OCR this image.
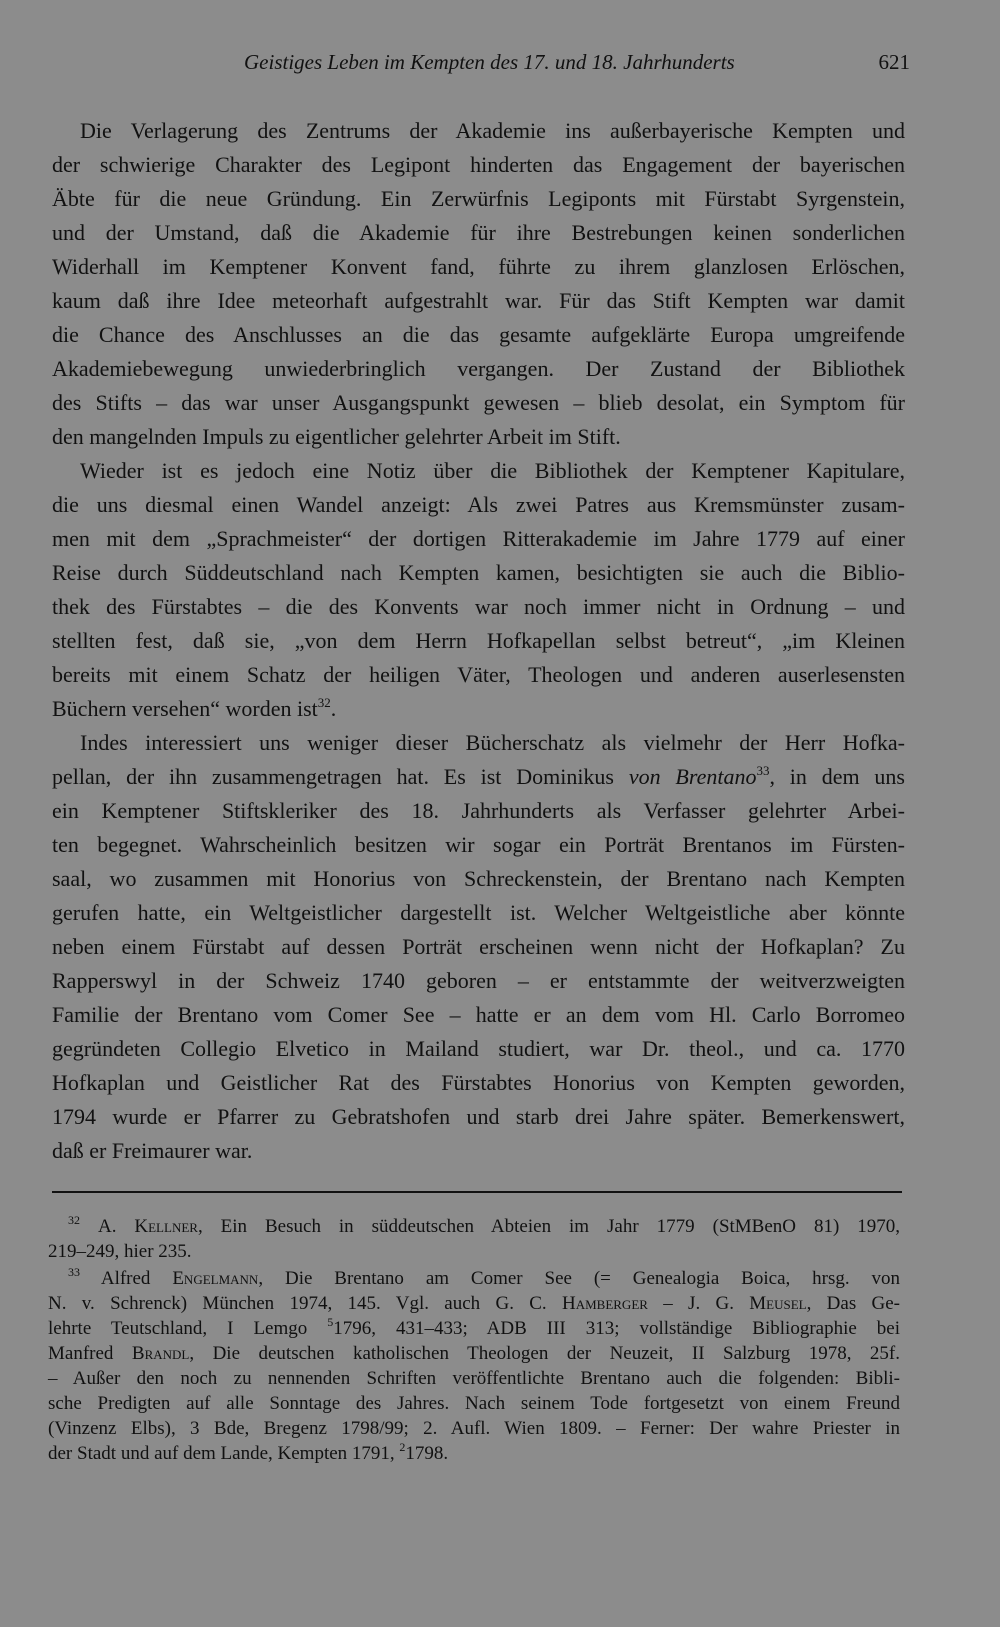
Geistiges Leben im Kempten des 17. und 18. Jahrhunderts	621
Die Verlagerung des Zentrums der Akademie ins außerbayerische Kempten und
der schwierige Charakter des Legipont hinderten das Engagement der bayerischen
Äbte für die neue Gründung. Ein Zerwürfnis Legiponts mit Fürstabt Syrgenstein,
und der Umstand, daß die Akademie für ihre Bestrebungen keinen sonderlichen
Widerhall im Kemptener Konvent fand, führte zu ihrem glanzlosen Erlöschen,
kaum daß ihre Idee meteorhaft aufgestrahlt war. Für das Stift Kempten war damit
die Chance des Anschlusses an die das gesamte aufgeklärte Europa umgreifende
Akademiebewegung unwiederbringlich vergangen. Der Zustand der Bibliothek
des Stifts – das war unser Ausgangspunkt gewesen – blieb desolat, ein Symptom für
den mangelnden Impuls zu eigentlicher gelehrter Arbeit im Stift.
Wieder ist es jedoch eine Notiz über die Bibliothek der Kemptener Kapitulare,
die uns diesmal einen Wandel anzeigt: Als zwei Patres aus Kremsmünster zusam-
men mit dem „Sprachmeister“ der dortigen Ritterakademie im Jahre 1779 auf einer
Reise durch Süddeutschland nach Kempten kamen, besichtigten sie auch die Biblio-
thek des Fürstabtes – die des Konvents war noch immer nicht in Ordnung – und
stellten fest, daß sie, „von dem Herrn Hofkapellan selbst betreut“, „im Kleinen
bereits mit einem Schatz der heiligen Väter, Theologen und anderen auserlesensten
Büchern versehen“ worden ist$^{32}$.
Indes interessiert uns weniger dieser Bücherschatz als vielmehr der Herr Hofka-
pellan, der ihn zusammengetragen hat. Es ist Dominikus von Brentano$^{33}$, in dem uns
ein Kemptener Stiftskleriker des 18. Jahrhunderts als Verfasser gelehrter Arbei-
ten begegnet. Wahrscheinlich besitzen wir sogar ein Porträt Brentanos im Fürsten-
saal, wo zusammen mit Honorius von Schreckenstein, der Brentano nach Kempten
gerufen hatte, ein Weltgeistlicher dargestellt ist. Welcher Weltgeistliche aber könnte
neben einem Fürstabt auf dessen Porträt erscheinen wenn nicht der Hofkaplan? Zu
Rapperswyl in der Schweiz 1740 geboren – er entstammte der weitverzweigten
Familie der Brentano vom Comer See – hatte er an dem vom Hl. Carlo Borromeo
gegründeten Collegio Elvetico in Mailand studiert, war Dr. theol., und ca. 1770
Hofkaplan und Geistlicher Rat des Fürstabtes Honorius von Kempten geworden,
1794 wurde er Pfarrer zu Gebratshofen und starb drei Jahre später. Bemerkenswert,
daß er Freimaurer war.
$^{32}$ A. Kellner, Ein Besuch in süddeutschen Abteien im Jahr 1779 (StMBenO 81) 1970,
219–249, hier 235.
$^{33}$ Alfred Engelmann, Die Brentano am Comer See (= Genealogia Boica, hrsg. von
N. v. Schrenck) München 1974, 145. Vgl. auch G. C. Hamberger – J. G. Meusel, Das Ge-
lehrte Teutschland, I Lemgo $^5$1796, 431–433; ADB III 313; vollständige Bibliographie bei
Manfred Brandl, Die deutschen katholischen Theologen der Neuzeit, II Salzburg 1978, 25f.
– Außer den noch zu nennenden Schriften veröffentlichte Brentano auch die folgenden: Bibli-
sche Predigten auf alle Sonntage des Jahres. Nach seinem Tode fortgesetzt von einem Freund
(Vinzenz Elbs), 3 Bde, Bregenz 1798/99; 2. Aufl. Wien 1809. – Ferner: Der wahre Priester in
der Stadt und auf dem Lande, Kempten 1791, $^2$1798.
